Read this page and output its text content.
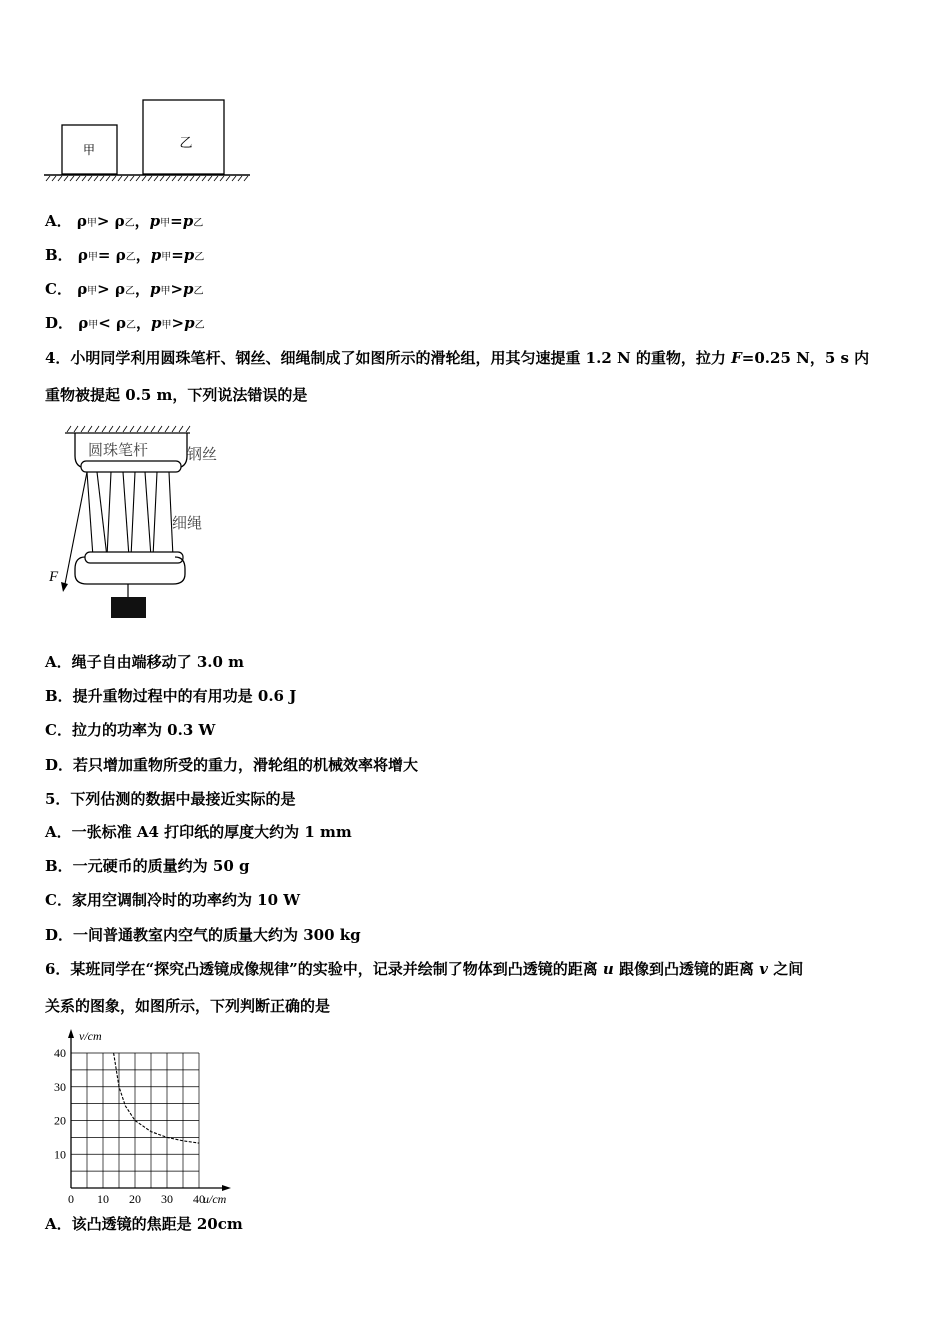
甲	乙
A． ρ甲> ρ乙，p甲=p乙
B． ρ甲= ρ乙，p甲=p乙
C． ρ甲> ρ乙，p甲>p乙
D． ρ甲< ρ乙，p甲>p乙
4．小明同学利用圆珠笔杆、钢丝、细绳制成了如图所示的滑轮组，用其匀速提重 1.2 N 的重物，拉力 F=0.25 N，5 s 内
重物被提起 0.5 m，下列说法错误的是
圆珠笔杆	钢丝
细绳
F
A．绳子自由端移动了 3.0 m
B．提升重物过程中的有用功是 0.6 J
C．拉力的功率为 0.3 W
D．若只增加重物所受的重力，滑轮组的机械效率将增大
5．下列估测的数据中最接近实际的是
A．一张标准 A4 打印纸的厚度大约为 1 mm
B．一元硬币的质量约为 50 g
C．家用空调制冷时的功率约为 10 W
D．一间普通教室内空气的质量大约为 300 kg
6．某班同学在“探究凸透镜成像规律”的实验中，记录并绘制了物体到凸透镜的距离 u 跟像到凸透镜的距离 v 之间
关系的图象，如图所示，下列判断正确的是
0 10 20 30 40
10
20
30
40
u/cm
v/cm
A．该凸透镜的焦距是 20cm
